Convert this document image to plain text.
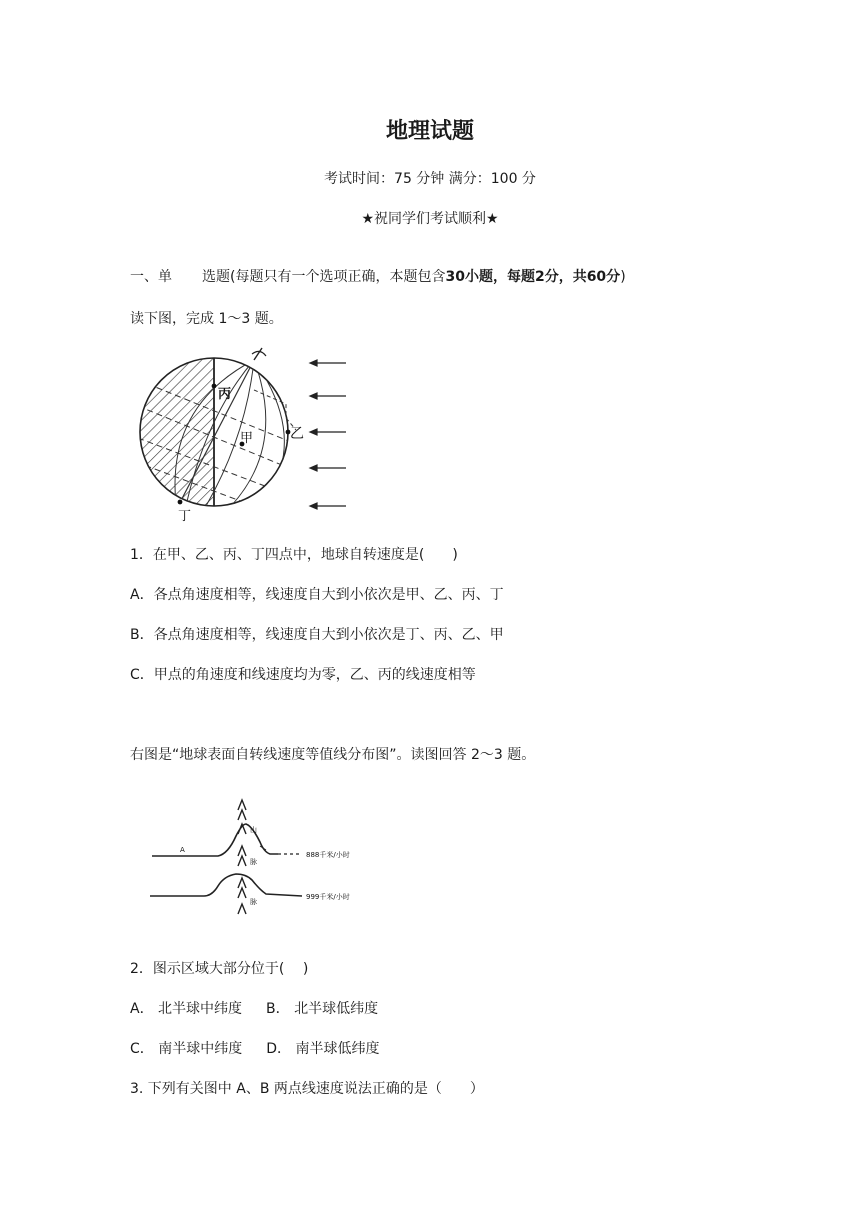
地理试题
考试时间：75 分钟 满分：100 分
★祝同学们考试顺利★
一、单 选题(每题只有一个选项正确，本题包含30小题，每题2分，共60分)
读下图，完成 1～3 题。
丙
甲	乙
丁
1．在甲、乙、丙、丁四点中，地球自转速度是(　　)
A．各点角速度相等，线速度自大到小依次是甲、乙、丙、丁
B．各点角速度相等，线速度自大到小依次是丁、丙、乙、甲
C．甲点的角速度和线速度均为零，乙、丙的线速度相等
右图是“地球表面自转线速度等值线分布图”。读图回答 2～3 题。
A
山
脉
脉
888千米/小时
999千米/小时
2．图示区域大部分位于(　 )
A． 北半球中纬度 B． 北半球低纬度
C． 南半球中纬度 D． 南半球低纬度
3. 下列有关图中 A、B 两点线速度说法正确的是（　　）
